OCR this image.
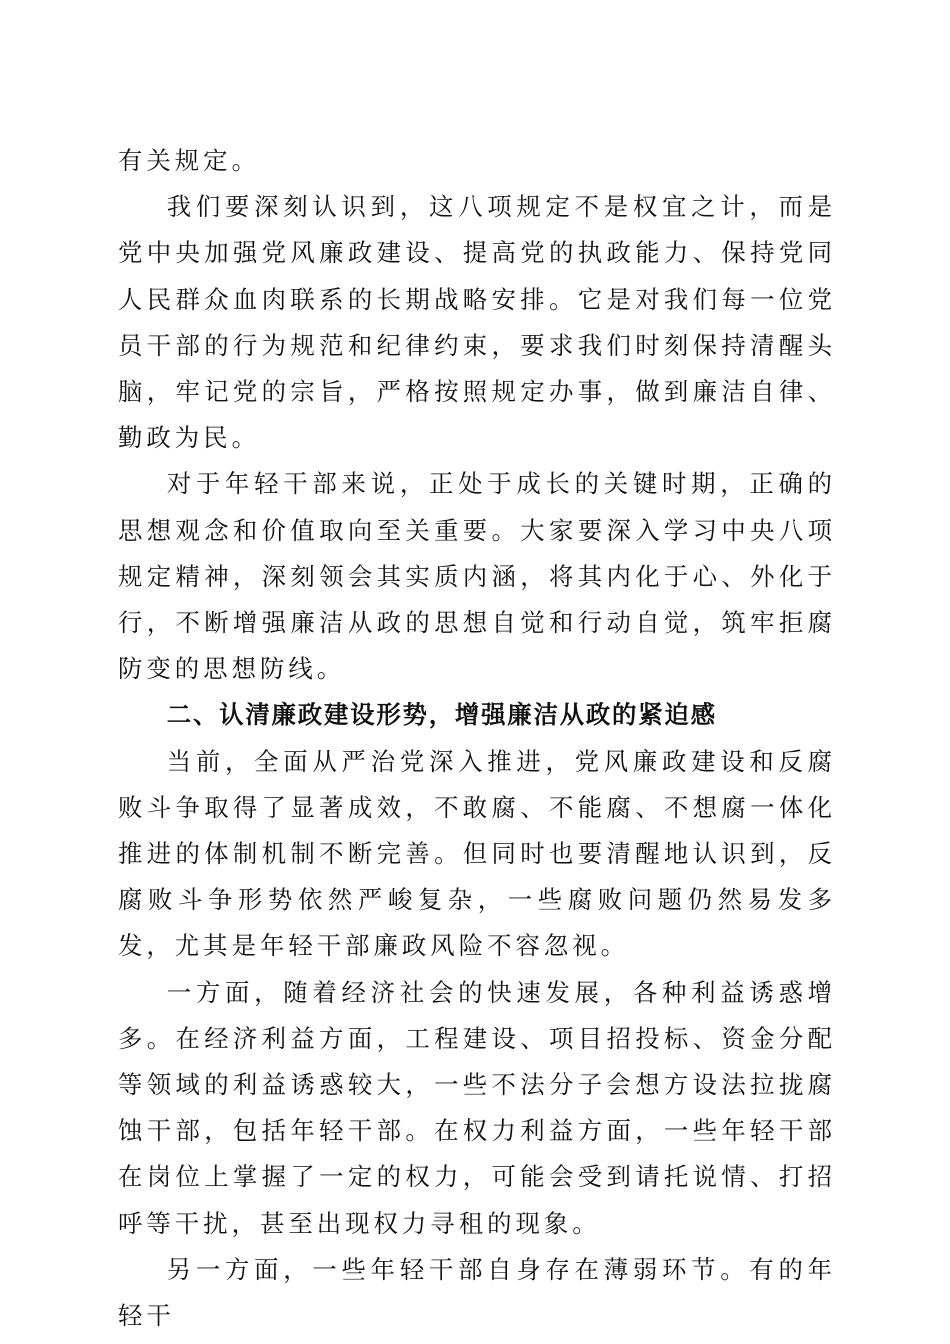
有关规定。

我们要深刻认识到，这八项规定不是权宜之计，而是党中央加强党风廉政建设、提高党的执政能力、保持党同人民群众血肉联系的长期战略安排。它是对我们每一位党员干部的行为规范和纪律约束，要求我们时刻保持清醒头脑，牢记党的宗旨，严格按照规定办事，做到廉洁自律、勤政为民。

对于年轻干部来说，正处于成长的关键时期，正确的思想观念和价值取向至关重要。大家要深入学习中央八项规定精神，深刻领会其实质内涵，将其内化于心、外化于行，不断增强廉洁从政的思想自觉和行动自觉，筑牢拒腐防变的思想防线。

二、认清廉政建设形势，增强廉洁从政的紧迫感

当前，全面从严治党深入推进，党风廉政建设和反腐败斗争取得了显著成效，不敢腐、不能腐、不想腐一体化推进的体制机制不断完善。但同时也要清醒地认识到，反腐败斗争形势依然严峻复杂，一些腐败问题仍然易发多发，尤其是年轻干部廉政风险不容忽视。

一方面，随着经济社会的快速发展，各种利益诱惑增多。在经济利益方面，工程建设、项目招投标、资金分配等领域的利益诱惑较大，一些不法分子会想方设法拉拢腐蚀干部，包括年轻干部。在权力利益方面，一些年轻干部在岗位上掌握了一定的权力，可能会受到请托说情、打招呼等干扰，甚至出现权力寻租的现象。

另一方面，一些年轻干部自身存在薄弱环节。有的年轻干
